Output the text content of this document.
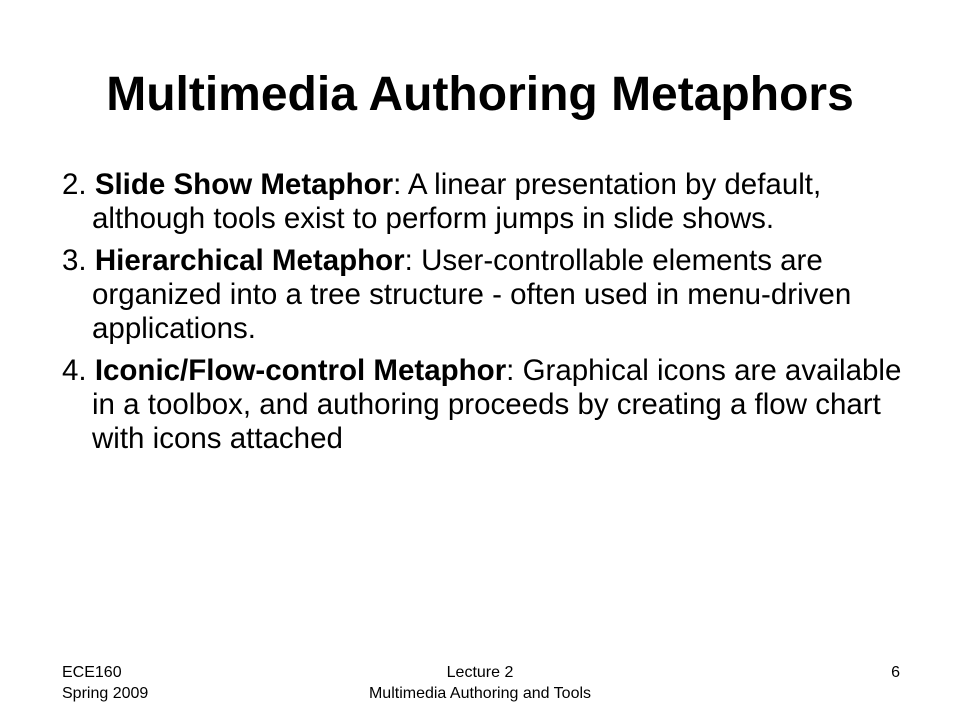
Multimedia Authoring Metaphors

2. Slide Show Metaphor: A linear presentation by default, although tools exist to perform jumps in slide shows.

3. Hierarchical Metaphor: User-controllable elements are organized into a tree structure - often used in menu-driven applications.

4. Iconic/Flow-control Metaphor: Graphical icons are available in a toolbox, and authoring proceeds by creating a flow chart with icons attached

ECE160
Spring 2009
Lecture 2
Multimedia Authoring and Tools
6
